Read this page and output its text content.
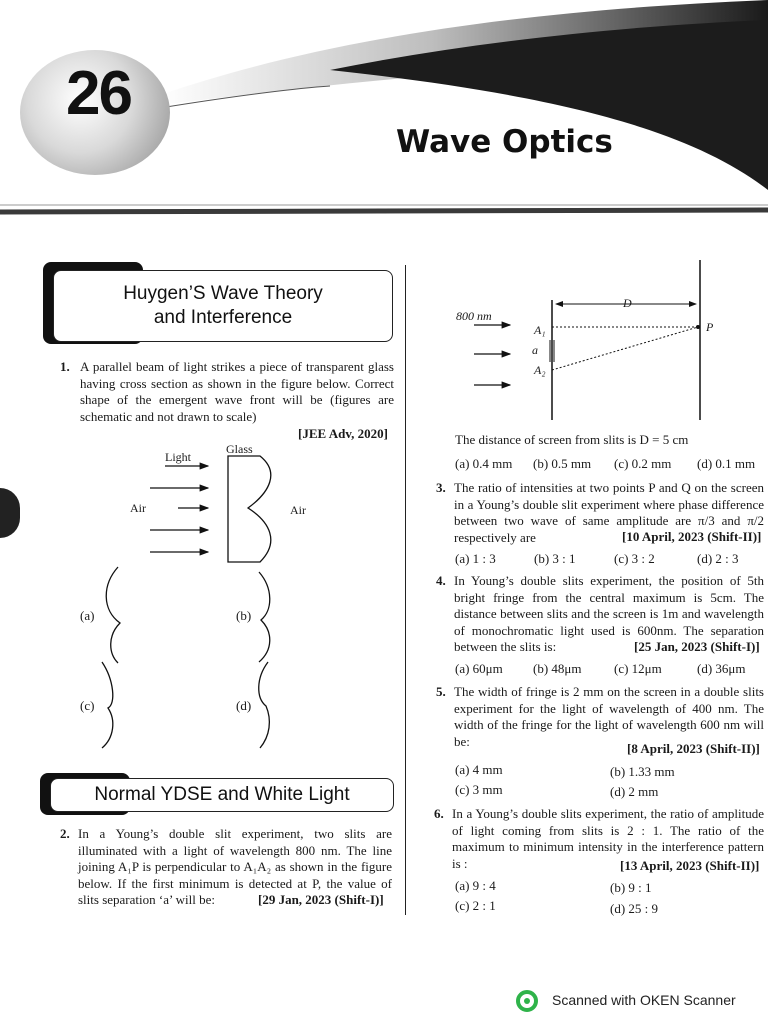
26
Wave Optics
Huygen’S Wave Theory
and Interference
1. A parallel beam of light strikes a piece of transparent glass having cross section as shown in the figure below. Correct shape of the emergent wave front will be (figures are schematic and not drawn to scale)
[JEE Adv, 2020]
Light
Glass
Air	Air
(a)	(b)
(c)	(d)
Normal YDSE and White Light
2. In a Young’s double slit experiment, two slits are illuminated with a light of wavelength 800 nm. The line joining A₁P is perpendicular to A₁A₂ as shown in the figure below. If the first minimum is detected at P, the value of slits separation ‘a’ will be:	[29 Jan, 2023 (Shift-I)]
800 nm
D
P
A₁
a
A₂
The distance of screen from slits is D = 5 cm
(a) 0.4 mm (b) 0.5 mm (c) 0.2 mm (d) 0.1 mm
3. The ratio of intensities at two points P and Q on the screen in a Young’s double slit experiment where phase difference between two wave of same amplitude are π/3 and π/2 respectively are	[10 April, 2023 (Shift-II)]
(a) 1 : 3	(b) 3 : 1	(c) 3 : 2	(d) 2 : 3
4. In Young’s double slits experiment, the position of 5th bright fringe from the central maximum is 5cm. The distance between slits and the screen is 1m and wavelength of monochromatic light used is 600nm. The separation between the slits is:	[25 Jan, 2023 (Shift-I)]
(a) 60μm (b) 48μm	(c) 12μm	(d) 36μm
5. The width of fringe is 2 mm on the screen in a double slits experiment for the light of wavelength of 400 nm. The width of the fringe for the light of wavelength 600 nm will be:	[8 April, 2023 (Shift-II)]
(a) 4 mm	(b) 1.33 mm
(c) 3 mm	(d) 2 mm
6. In a Young’s double slits experiment, the ratio of amplitude of light coming from slits is 2 : 1. The ratio of the maximum to minimum intensity in the interference pattern is :	[13 April, 2023 (Shift-II)]
(a) 9 : 4	(b) 9 : 1
(c) 2 : 1	(d) 25 : 9
Scanned with OKEN Scanner
